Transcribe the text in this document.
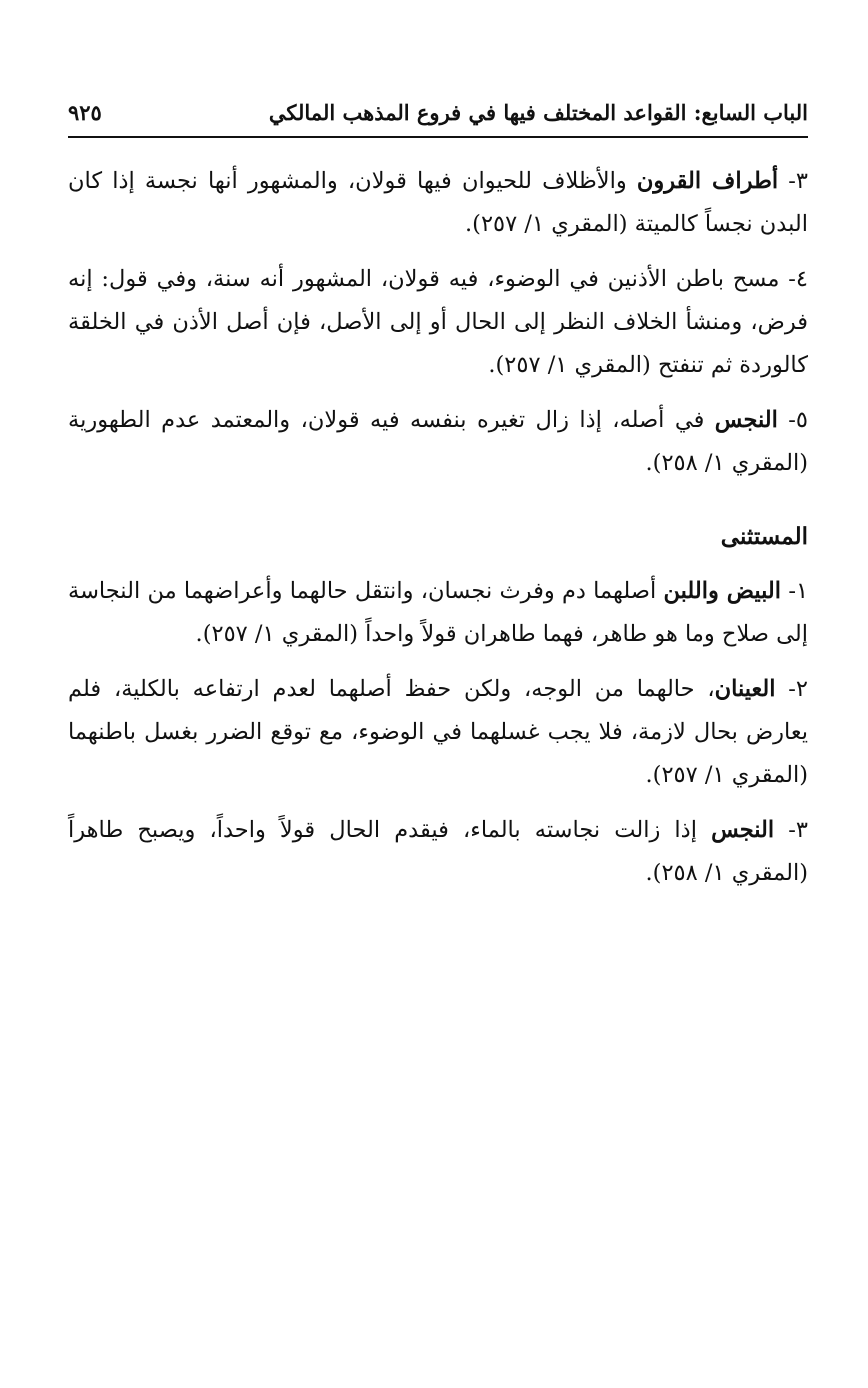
الباب السابع: القواعد المختلف فيها في فروع المذهب المالكي
٩٢٥

٣- أطراف القرون والأظلاف للحيوان فيها قولان، والمشهور أنها نجسة إذا كان البدن نجساً كالميتة (المقري ١/ ٢٥٧).

٤- مسح باطن الأذنين في الوضوء، فيه قولان، المشهور أنه سنة، وفي قول: إنه فرض، ومنشأ الخلاف النظر إلى الحال أو إلى الأصل، فإن أصل الأذن في الخلقة كالوردة ثم تنفتح (المقري ١/ ٢٥٧).

٥- النجس في أصله، إذا زال تغيره بنفسه فيه قولان، والمعتمد عدم الطهورية (المقري ١/ ٢٥٨).

المستثنى

١- البيض واللبن أصلهما دم وفرث نجسان، وانتقل حالهما وأعراضهما من النجاسة إلى صلاح وما هو طاهر، فهما طاهران قولاً واحداً (المقري ١/ ٢٥٧).

٢- العينان، حالهما من الوجه، ولكن حفظ أصلهما لعدم ارتفاعه بالكلية، فلم يعارض بحال لازمة، فلا يجب غسلهما في الوضوء، مع توقع الضرر بغسل باطنهما (المقري ١/ ٢٥٧).

٣- النجس إذا زالت نجاسته بالماء، فيقدم الحال قولاً واحداً، ويصبح طاهراً (المقري ١/ ٢٥٨).
